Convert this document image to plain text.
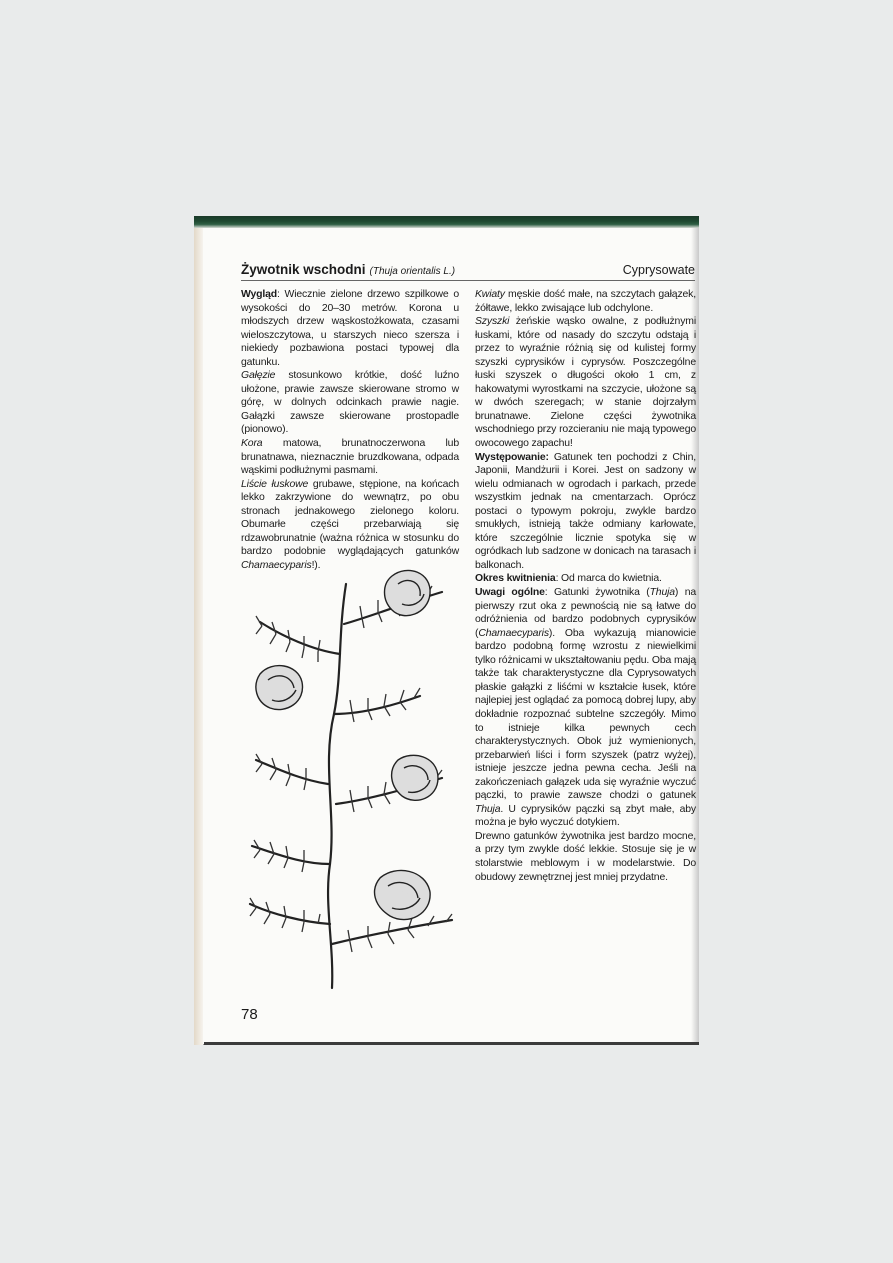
Żywotnik wschodni (Thuja orientalis L.)	Cyprysowate

Wygląd: Wiecznie zielone drzewo szpilkowe o wysokości do 20–30 metrów. Korona u młodszych drzew wąskostożkowata, czasami wieloszczytowa, u starszych nieco szersza i niekiedy pozbawiona postaci typowej dla gatunku.

Gałęzie stosunkowo krótkie, dość luźno ułożone, prawie zawsze skierowane stromo w górę, w dolnych odcinkach prawie nagie. Gałązki zawsze skierowane prostopadle (pionowo).

Kora matowa, brunatnoczerwona lub brunatnawa, nieznacznie bruzdkowana, odpada wąskimi podłużnymi pasmami.

Liście łuskowe grubawe, stępione, na końcach lekko zakrzywione do wewnątrz, po obu stronach jednakowego zielonego koloru. Obumarłe części przebarwiają się rdzawobrunatnie (ważna różnica w stosunku do bardzo podobnie wyglądających gatunków Chamaecyparis!).

Kwiaty męskie dość małe, na szczytach gałązek, żółtawe, lekko zwisające lub odchylone.

Szyszki żeńskie wąsko owalne, z podłużnymi łuskami, które od nasady do szczytu odstają i przez to wyraźnie różnią się od kulistej formy szyszki cyprysików i cyprysów. Poszczególne łuski szyszek o długości około 1 cm, z hakowatymi wyrostkami na szczycie, ułożone są w dwóch szeregach; w stanie dojrzałym brunatnawe. Zielone części żywotnika wschodniego przy rozcieraniu nie mają typowego owocowego zapachu!

Występowanie: Gatunek ten pochodzi z Chin, Japonii, Mandżurii i Korei. Jest on sadzony w wielu odmianach w ogrodach i parkach, przede wszystkim jednak na cmentarzach. Oprócz postaci o typowym pokroju, zwykle bardzo smukłych, istnieją także odmiany karłowate, które szczególnie licznie spotyka się w ogródkach lub sadzone w donicach na tarasach i balkonach.

Okres kwitnienia: Od marca do kwietnia.

Uwagi ogólne: Gatunki żywotnika (Thuja) na pierwszy rzut oka z pewnością nie są łatwe do odróżnienia od bardzo podobnych cyprysików (Chamaecyparis). Oba wykazują mianowicie bardzo podobną formę wzrostu z niewielkimi tylko różnicami w ukształtowaniu pędu. Oba mają także tak charakterystyczne dla Cyprysowatych płaskie gałązki z liśćmi w kształcie łusek, które najlepiej jest oglądać za pomocą dobrej lupy, aby dokładnie rozpoznać subtelne szczegóły. Mimo to istnieje kilka pewnych cech charakterystycznych. Obok już wymienionych, przebarwień liści i form szyszek (patrz wyżej), istnieje jeszcze jedna pewna cecha. Jeśli na zakończeniach gałązek uda się wyraźnie wyczuć pączki, to prawie zawsze chodzi o gatunek Thuja. U cyprysików pączki są zbyt małe, aby można je było wyczuć dotykiem.

Drewno gatunków żywotnika jest bardzo mocne, a przy tym zwykle dość lekkie. Stosuje się je w stolarstwie meblowym i w modelarstwie. Do obudowy zewnętrznej jest mniej przydatne.

78
